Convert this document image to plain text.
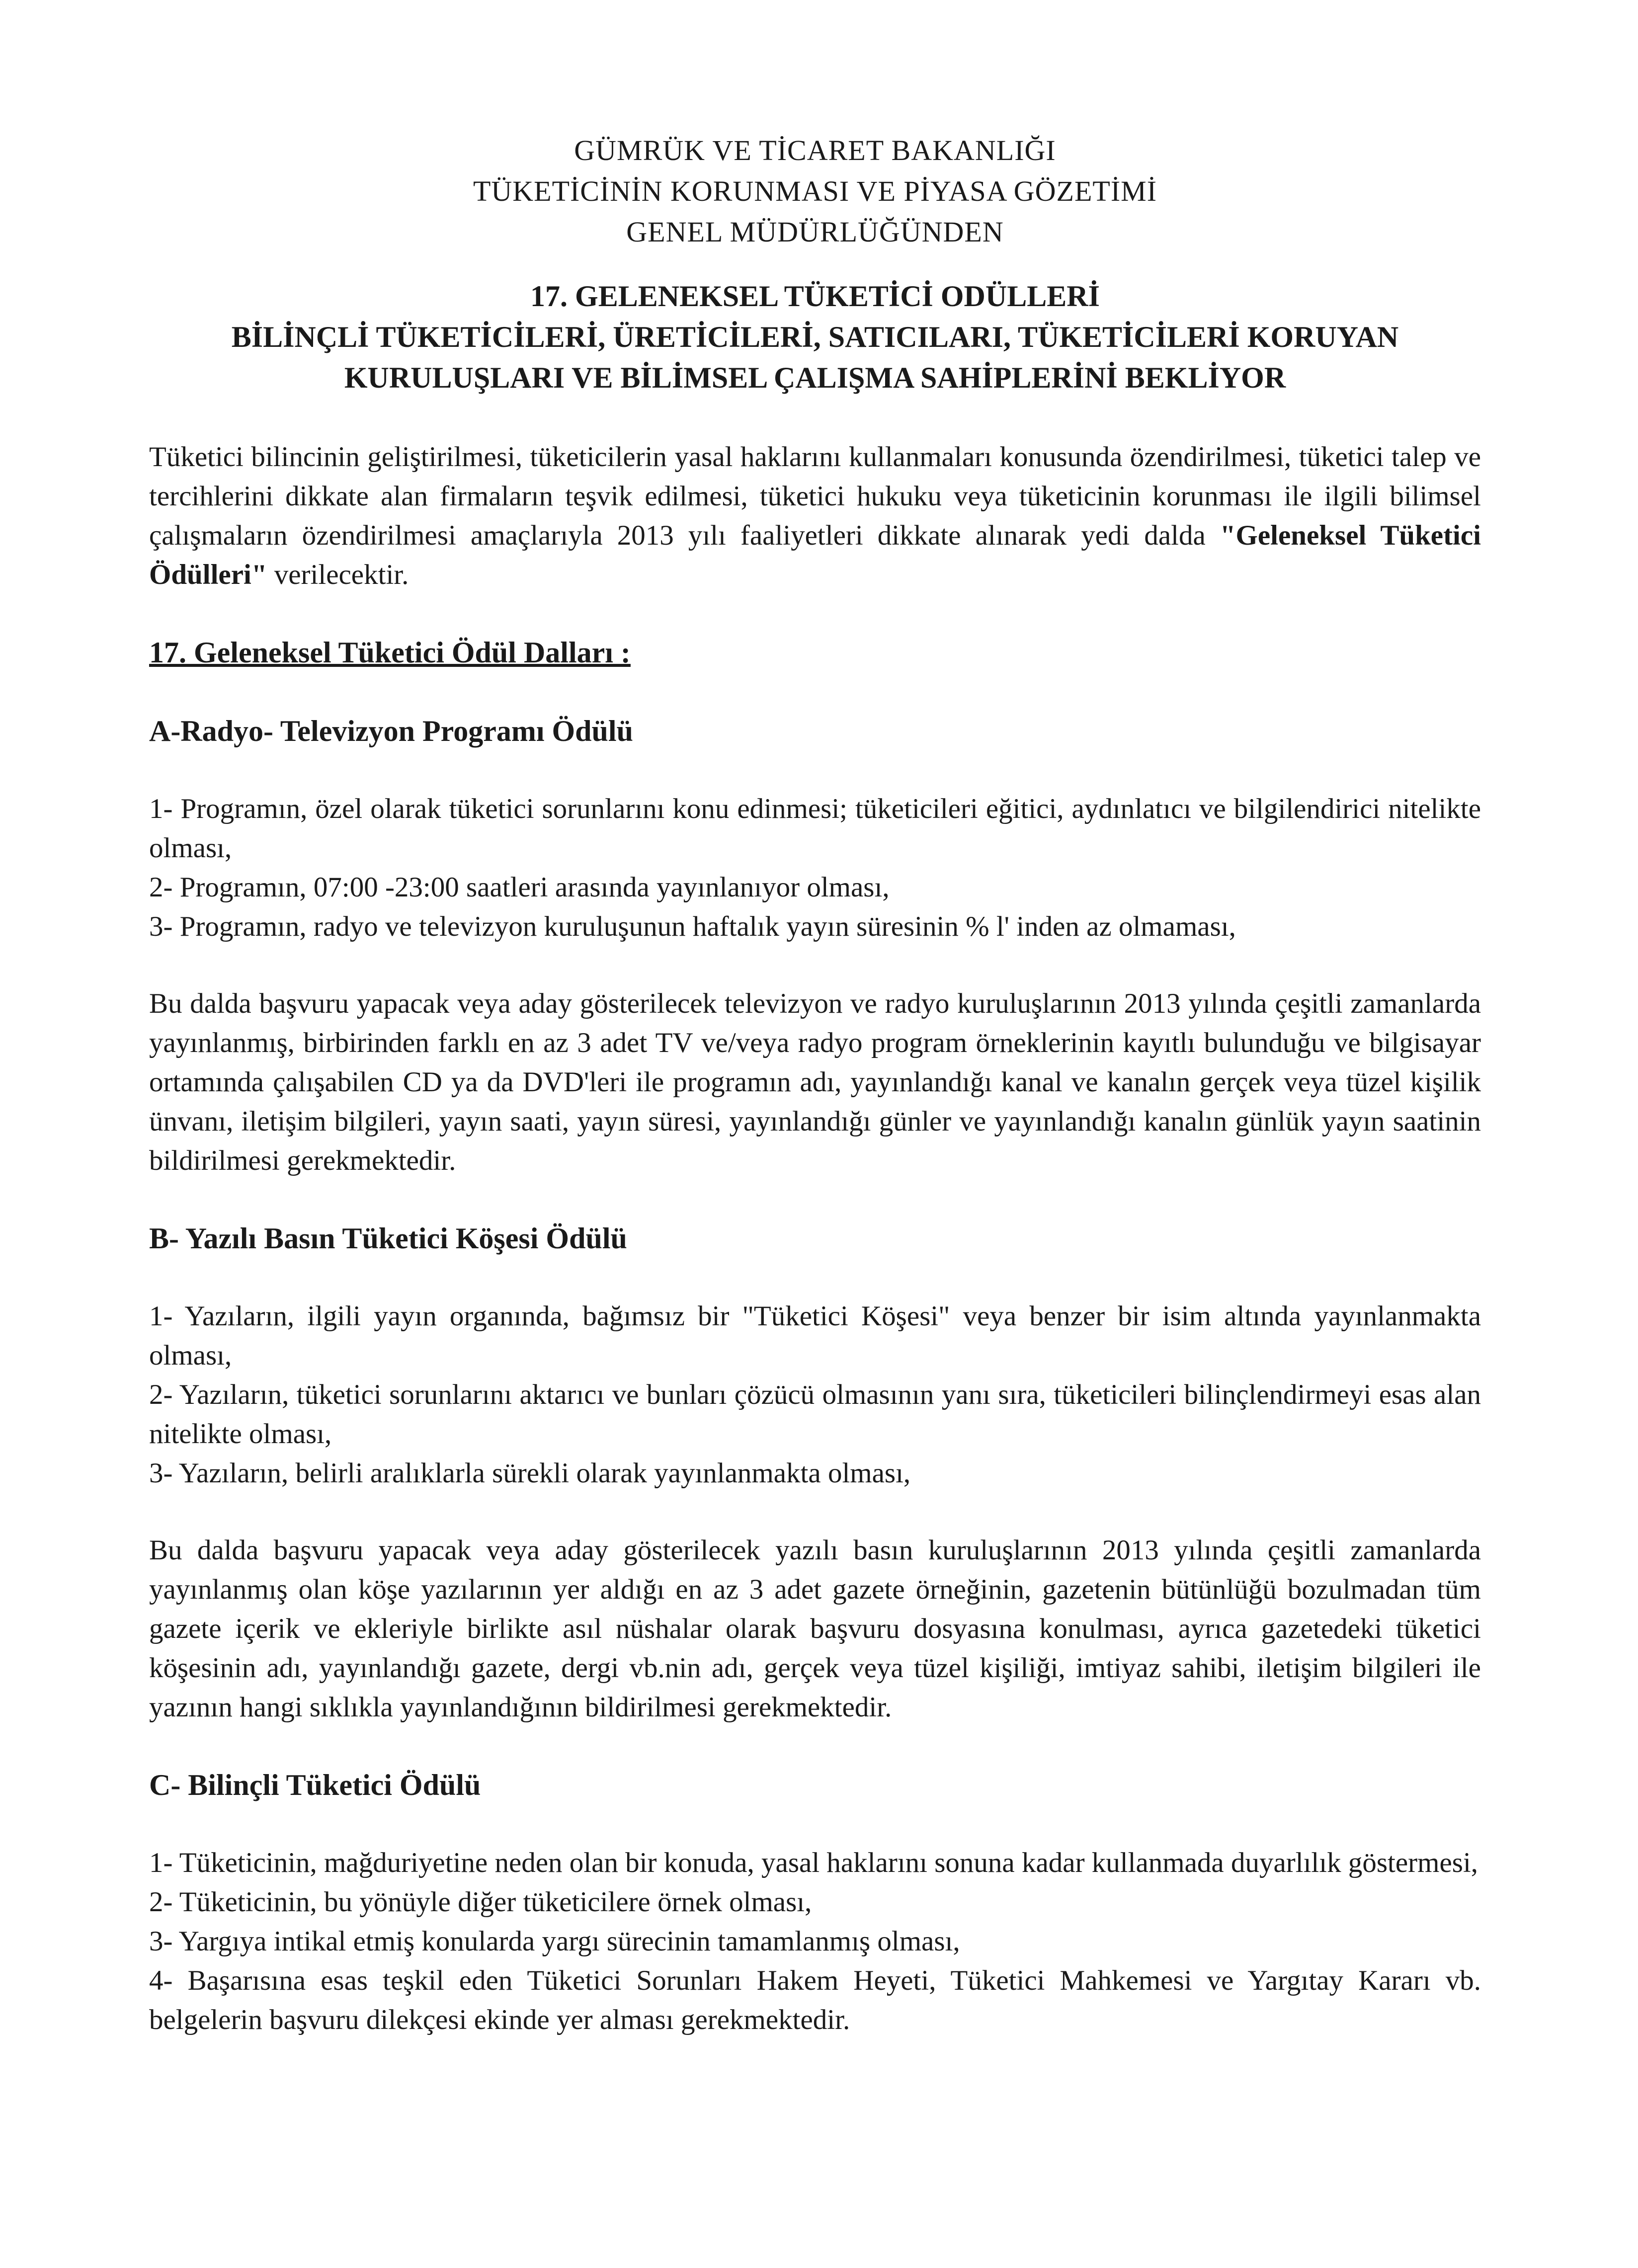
GÜMRÜK VE TİCARET BAKANLIĞI
TÜKETİCİNİN KORUNMASI VE PİYASA GÖZETİMİ
GENEL MÜDÜRLÜĞÜNDEN
17. GELENEKSEL TÜKETİCİ ODÜLLERİ
BİLİNÇLİ TÜKETİCİLERİ, ÜRETİCİLERİ, SATICILARI, TÜKETİCİLERİ KORUYAN
KURULUŞLARI VE BİLİMSEL ÇALIŞMA SAHİPLERİNİ BEKLİYOR

Tüketici bilincinin geliştirilmesi, tüketicilerin yasal haklarını kullanmaları konusunda özendirilmesi, tüketici talep ve tercihlerini dikkate alan firmaların teşvik edilmesi, tüketici hukuku veya tüketicinin korunması ile ilgili bilimsel çalışmaların özendirilmesi amaçlarıyla 2013 yılı faaliyetleri dikkate alınarak yedi dalda "Geleneksel Tüketici Ödülleri" verilecektir.

17. Geleneksel Tüketici Ödül Dalları :

A-Radyo- Televizyon Programı Ödülü

1- Programın, özel olarak tüketici sorunlarını konu edinmesi; tüketicileri eğitici, aydınlatıcı ve bilgilendirici nitelikte olması,

2- Programın, 07:00 -23:00 saatleri arasında yayınlanıyor olması,

3- Programın, radyo ve televizyon kuruluşunun haftalık yayın süresinin % l' inden az olmaması,

Bu dalda başvuru yapacak veya aday gösterilecek televizyon ve radyo kuruluşlarının 2013 yılında çeşitli zamanlarda yayınlanmış, birbirinden farklı en az 3 adet TV ve/veya radyo program örneklerinin kayıtlı bulunduğu ve bilgisayar ortamında çalışabilen CD ya da DVD'leri ile programın adı, yayınlandığı kanal ve kanalın gerçek veya tüzel kişilik ünvanı, iletişim bilgileri, yayın saati, yayın süresi, yayınlandığı günler ve yayınlandığı kanalın günlük yayın saatinin bildirilmesi gerekmektedir.

B- Yazılı Basın Tüketici Köşesi Ödülü

1- Yazıların, ilgili yayın organında, bağımsız bir "Tüketici Köşesi" veya benzer bir isim altında yayınlanmakta olması,

2- Yazıların, tüketici sorunlarını aktarıcı ve bunları çözücü olmasının yanı sıra, tüketicileri bilinçlendirmeyi esas alan nitelikte olması,

3- Yazıların, belirli aralıklarla sürekli olarak yayınlanmakta olması,

Bu dalda başvuru yapacak veya aday gösterilecek yazılı basın kuruluşlarının 2013 yılında çeşitli zamanlarda yayınlanmış olan köşe yazılarının yer aldığı en az 3 adet gazete örneğinin, gazetenin bütünlüğü bozulmadan tüm gazete içerik ve ekleriyle birlikte asıl nüshalar olarak başvuru dosyasına konulması, ayrıca gazetedeki tüketici köşesinin adı, yayınlandığı gazete, dergi vb.nin adı, gerçek veya tüzel kişiliği, imtiyaz sahibi, iletişim bilgileri ile yazının hangi sıklıkla yayınlandığının bildirilmesi gerekmektedir.

C- Bilinçli Tüketici Ödülü

1- Tüketicinin, mağduriyetine neden olan bir konuda, yasal haklarını sonuna kadar kullanmada duyarlılık göstermesi,

2- Tüketicinin, bu yönüyle diğer tüketicilere örnek olması,

3- Yargıya intikal etmiş konularda yargı sürecinin tamamlanmış olması,

4- Başarısına esas teşkil eden Tüketici Sorunları Hakem Heyeti, Tüketici Mahkemesi ve Yargıtay Kararı vb. belgelerin başvuru dilekçesi ekinde yer alması gerekmektedir.
